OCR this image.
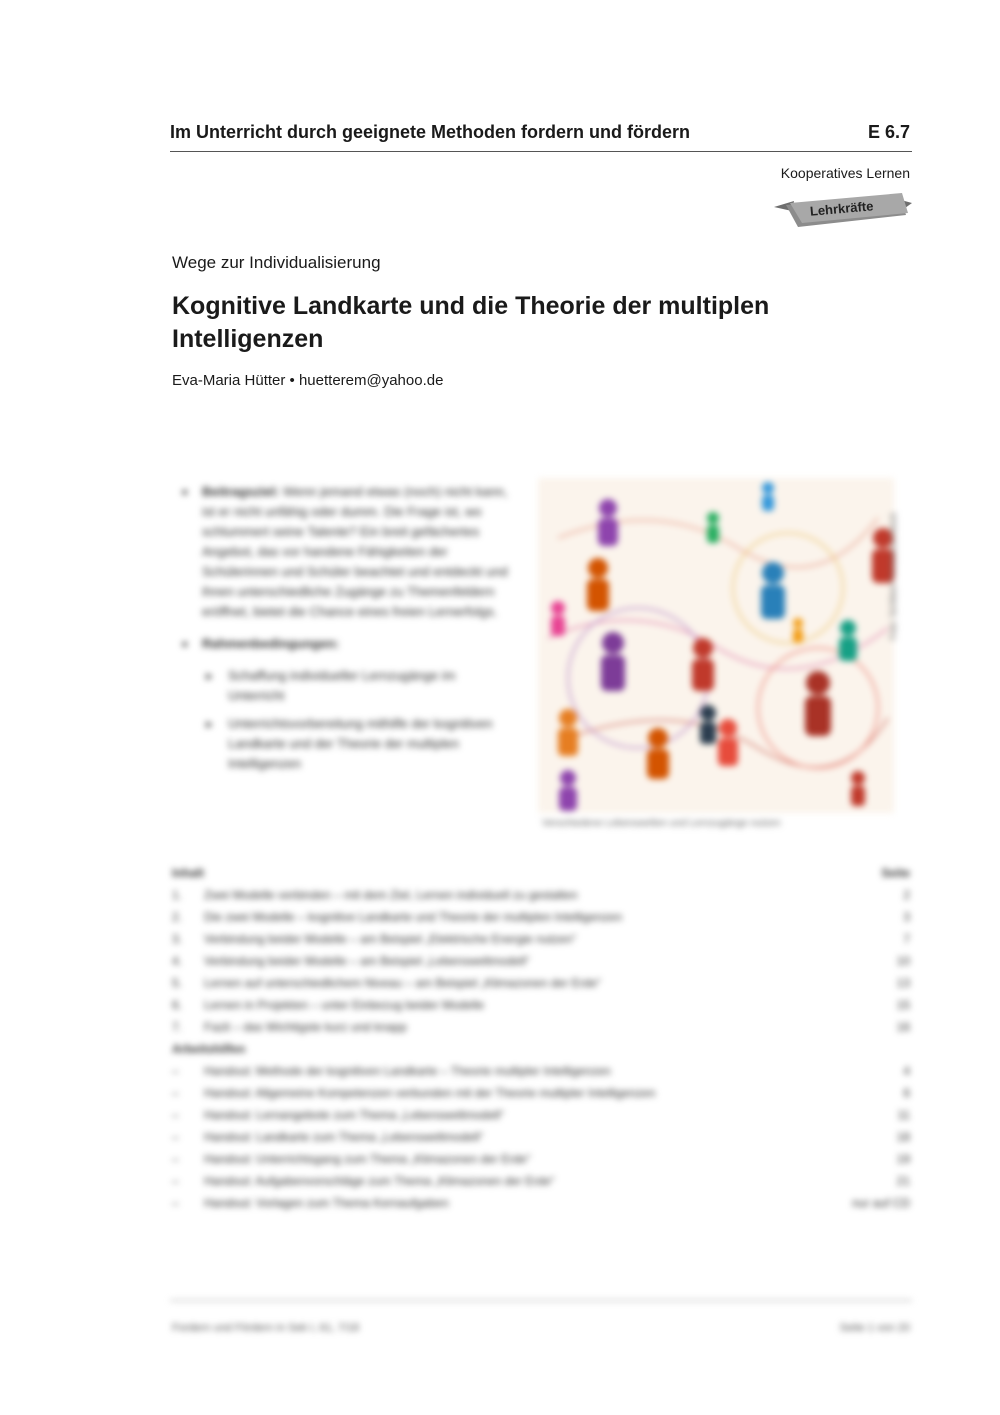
Im Unterricht durch geeignete Methoden fordern und fördern	E 6.7
Kooperatives Lernen
Lehrkräfte
Wege zur Individualisierung
Kognitive Landkarte und die Theorie der multiplen Intelligenzen
Eva-Maria Hütter • huetterem@yahoo.de
■ Beitragsziel: Wenn jemand etwas (noch) nicht kann, ist er nicht unfähig oder dumm. Die Frage ist, wo schlummert seine Talente? Ein breit gefächertes Angebot, das vor handene Fähigkeiten der Schülerinnen und Schüler beachtet und entdeckt und ihnen unterschiedliche Zugänge zu Themenfeldern eröffnet, bietet die Chance eines freien Lernerfolgs.
■ Rahmenbedingungen:
▶ Schaffung individueller Lernzugänge im Unterricht
▶ Unterrichtsvorbereitung mithilfe der kognitiven Landkarte und der Theorie der multiplen Intelligenzen
Foto: Schliker/Thinkstock/iStock
Verschiedene Lebenswelten und Lernzugänge nutzen
Inhalt	Seite
1.	Zwei Modelle verbinden – mit dem Ziel, Lernen individuell zu gestalten	2
2.	Die zwei Modelle – kognitive Landkarte und Theorie der multiplen Intelligenzen	3
3.	Verbindung beider Modelle – am Beispiel „Elektrische Energie nutzen“	7
4.	Verbindung beider Modelle – am Beispiel „Lebensweltmodell“	10
5.	Lernen auf unterschiedlichem Niveau – am Beispiel „Klimazonen der Erde“	13
6.	Lernen in Projekten – unter Einbezug beider Modelle	15
7.	Fazit – das Wichtigste kurz und knapp	16
Arbeitshilfen
–	Handout: Methode der kognitiven Landkarte – Theorie multipler Intelligenzen	4
–	Handout: Allgemeine Kompetenzen verbunden mit der Theorie multipler Intelligenzen	6
–	Handout: Lernangebote zum Thema „Lebensweltmodell“	11
–	Handout: Landkarte zum Thema „Lebensweltmodell“	18
–	Handout: Unterrichtsgang zum Thema „Klimazonen der Erde“	19
–	Handout: Aufgabenvorschläge zum Thema „Klimazonen der Erde“	21
–	Handout: Vorlagen zum Thema Kernaufgaben	nur auf CD
Fordern und Fördern in Sek I, 61, 7/18	Seite 1 von 20
